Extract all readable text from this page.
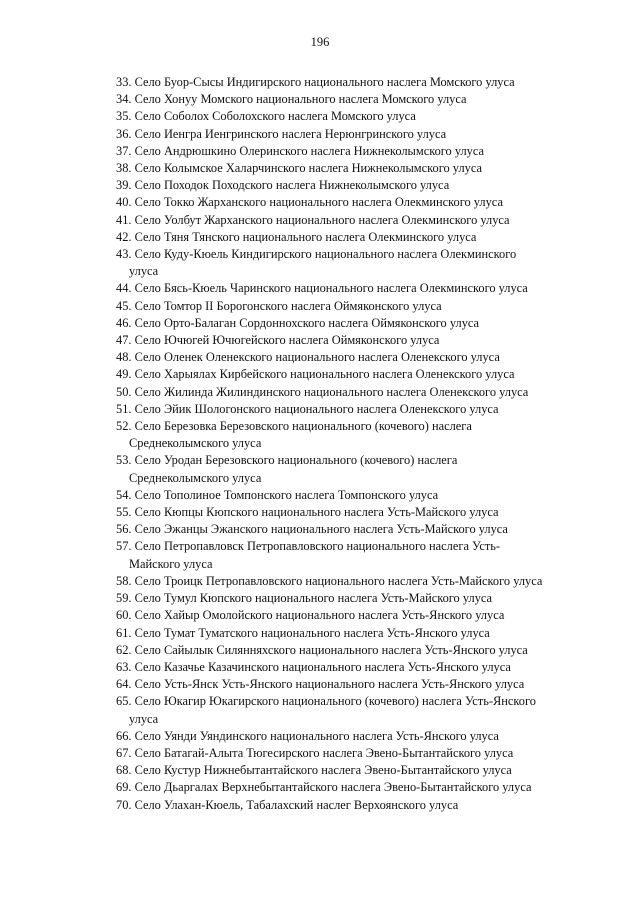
196
33. Село Буор-Сысы Индигирского национального наслега Момского улуса
34. Село Хонуу Момского национального наслега Момского улуса
35. Село Соболох Соболохского наслега Момского улуса
36. Село Иенгра Иенгринского наслега Нерюнгринского улуса
37. Село Андрюшкино Олеринского наслега Нижнеколымского улуса
38. Село Колымское Халарчинского наслега Нижнеколымского улуса
39. Село Походок Походского наслега Нижнеколымского улуса
40. Село Токко Жарханского национального наслега Олекминского улуса
41. Село Уолбут Жарханского национального наслега Олекминского улуса
42. Село Тяня Тянского национального наслега Олекминского улуса
43. Село Куду-Кюель Киндигирского национального наслега Олекминского
улуса
44. Село Бясь-Кюель Чаринского национального наслега Олекминского улуса
45. Село Томтор II Борогонского наслега Оймяконского улуса
46. Село Орто-Балаган Сордоннохского наслега Оймяконского улуса
47. Село Ючюгей Ючюгейского наслега Оймяконского улуса
48. Село Оленек Оленекского национального наслега Оленекского улуса
49. Село Харыялах Кирбейского национального наслега Оленекского улуса
50. Село Жилинда Жилиндинского национального наслега Оленекского улуса
51. Село Эйик Шологонского национального наслега Оленекского улуса
52. Село Березовка Березовского национального (кочевого) наслега
Среднеколымского улуса
53. Село Уродан Березовского национального (кочевого) наслега
Среднеколымского улуса
54. Село Тополиное Томпонского наслега Томпонского улуса
55. Село Кюпцы Кюпского национального наслега Усть-Майского улуса
56. Село Эжанцы Эжанского национального наслега Усть-Майского улуса
57. Село Петропавловск Петропавловского национального наслега Усть-
Майского улуса
58. Село Троицк Петропавловского национального наслега Усть-Майского улуса
59. Село Тумул Кюпского национального наслега Усть-Майского улуса
60. Село Хайыр Омолойского национального наслега Усть-Янского улуса
61. Село Тумат Туматского национального наслега Усть-Янского улуса
62. Село Сайылык Силянняхского национального наслега Усть-Янского улуса
63. Село Казачье Казачинского национального наслега Усть-Янского улуса
64. Село Усть-Янск Усть-Янского национального наслега Усть-Янского улуса
65. Село Юкагир Юкагирского национального (кочевого) наслега Усть-Янского
улуса
66. Село Уянди Уяндинского национального наслега Усть-Янского улуса
67. Село Батагай-Алыта Тюгесирского наслега Эвено-Бытантайского улуса
68. Село Кустур Нижнебытантайского наслега Эвено-Бытантайского улуса
69. Село Дьаргалах Верхнебытантайского наслега Эвено-Бытантайского улуса
70. Село Улахан-Кюель, Табалахский наслег Верхоянского улуса
